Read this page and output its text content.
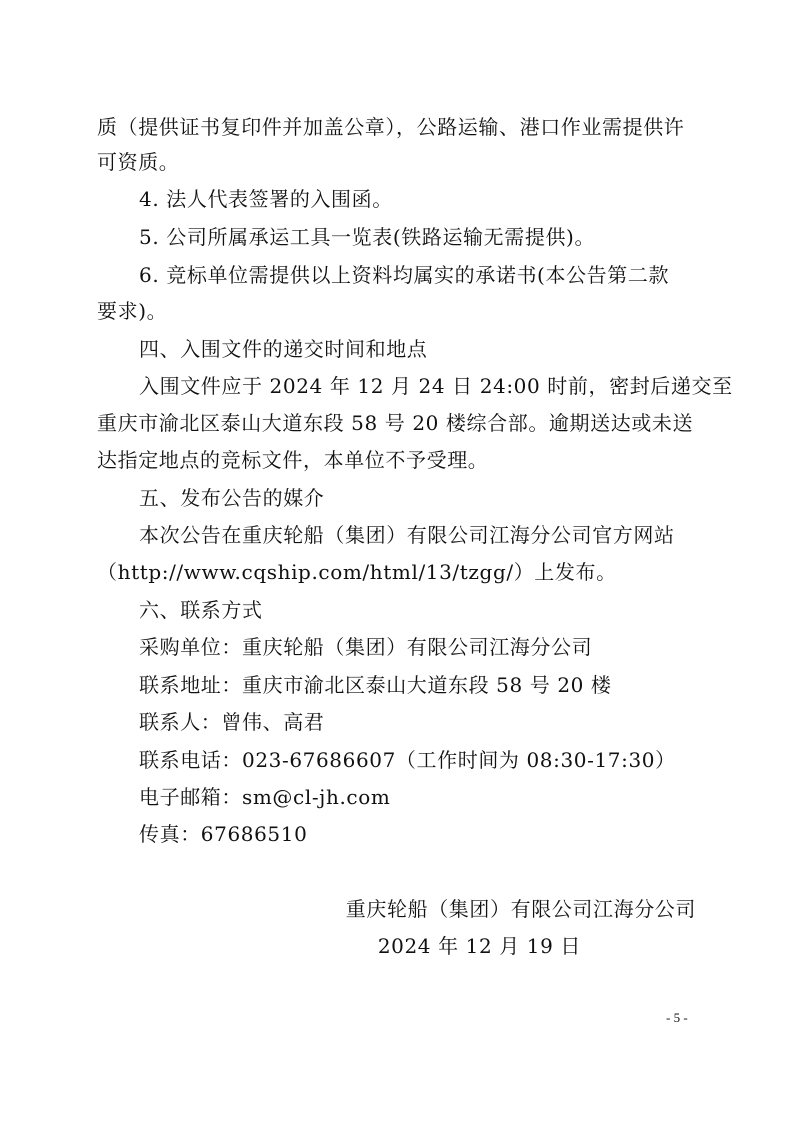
质（提供证书复印件并加盖公章），公路运输、港口作业需提供许
可资质。
4. 法人代表签署的入围函。
5. 公司所属承运工具一览表(铁路运输无需提供)。
6. 竞标单位需提供以上资料均属实的承诺书(本公告第二款
要求)。
四、入围文件的递交时间和地点
入围文件应于 2024 年 12 月 24 日 24:00 时前，密封后递交至
重庆市渝北区泰山大道东段 58 号 20 楼综合部。逾期送达或未送
达指定地点的竞标文件，本单位不予受理。
五、发布公告的媒介
本次公告在重庆轮船（集团）有限公司江海分公司官方网站
（http://www.cqship.com/html/13/tzgg/）上发布。
六、联系方式
采购单位：重庆轮船（集团）有限公司江海分公司
联系地址：重庆市渝北区泰山大道东段 58 号 20 楼
联系人：曾伟、高君
联系电话：023-67686607（工作时间为 08:30-17:30）
电子邮箱：sm@cl-jh.com
传真：67686510
重庆轮船（集团）有限公司江海分公司
2024 年 12 月 19 日
- 5 -
